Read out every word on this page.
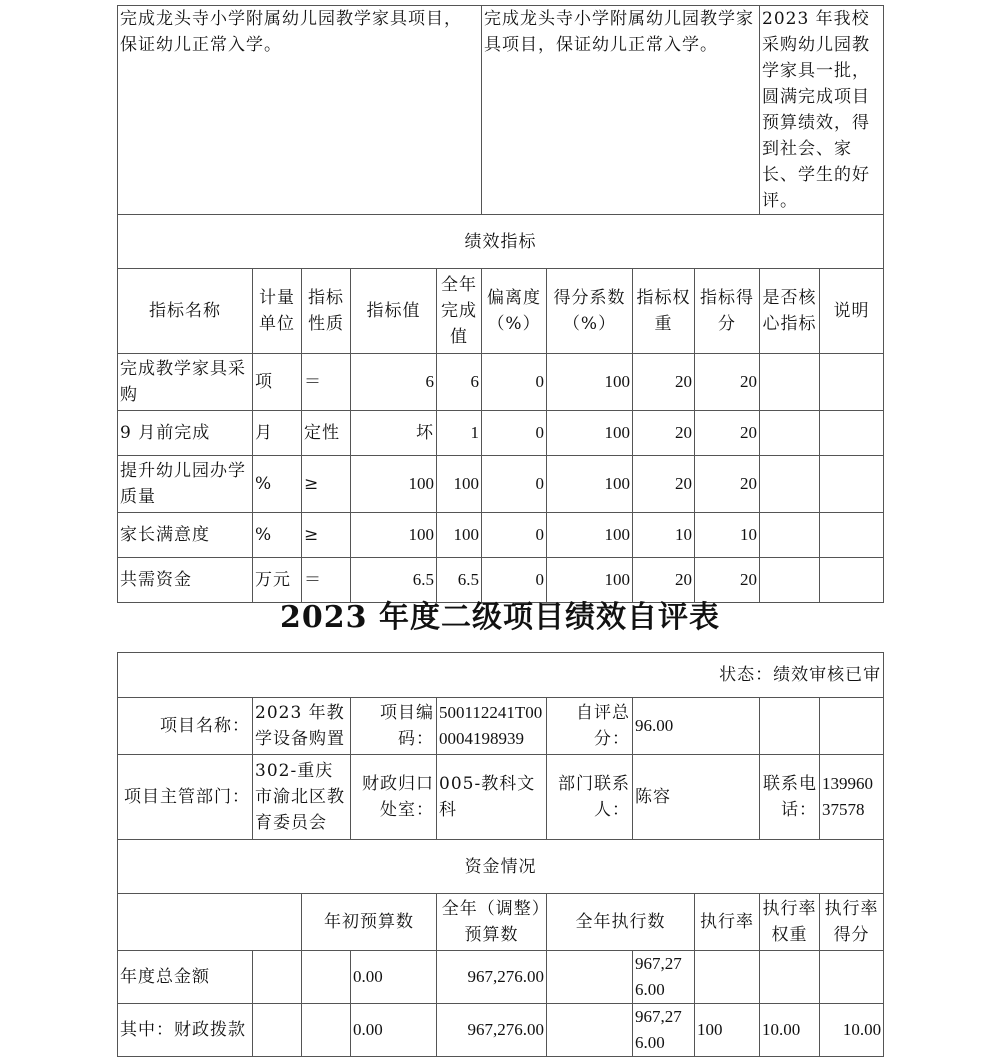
完成龙头寺小学附属幼儿园教学家具项目，保证幼儿正常入学。					完成龙头寺小学附属幼儿园教学家具项目，保证幼儿正常入学。				2023 年我校采购幼儿园教学家具一批，圆满完成项目预算绩效，得到社会、家长、学生的好评。	
绩效指标										
指标名称	计量单位	指标性质	指标值	全年完成值	偏离度（%）	得分系数（%）	指标权重	指标得分	是否核心指标	说明
完成教学家具采购	项	＝	6	6	0	100	20	20		
9 月前完成	月	定性	坏	1	0	100	20	20		
提升幼儿园办学质量	%	≥	100	100	0	100	20	20		
家长满意度	%	≥	100	100	0	100	10	10		
共需资金	万元	＝	6.5	6.5	0	100	20	20		
2023 年度二级项目绩效自评表
状态：绩效审核已审									
项目名称：	2023 年教学设备购置		项目编码：	500112241T000004198939	自评总分：	96.00			
项目主管部门：	302-重庆市渝北区教育委员会		财政归口处室：	005-教科文科	部门联系人：	陈容		联系电话：	13996037578
资金情况									
		年初预算数		全年（调整）预算数	全年执行数		执行率	执行率权重	执行率得分
年度总金额			0.00	967,276.00		967,276.00			
其中：财政拨款			0.00	967,276.00		967,276.00	100	10.00	10.00
